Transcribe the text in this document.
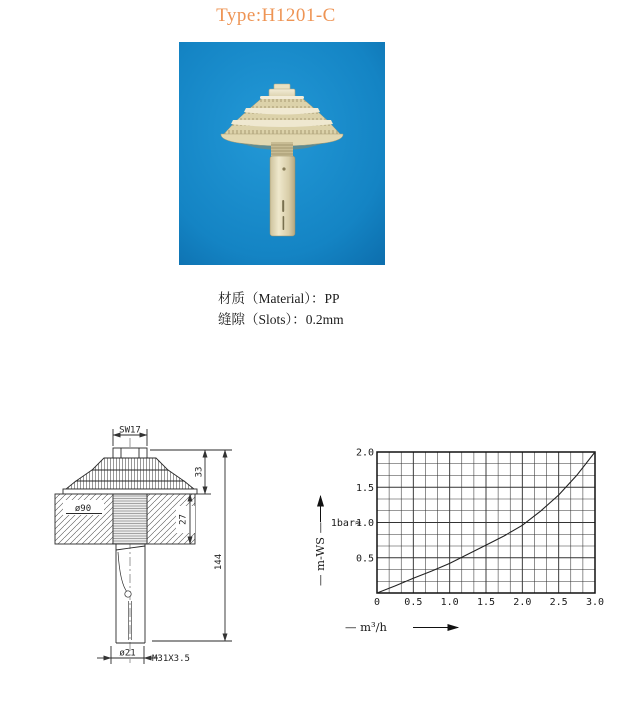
Type:H1201-C
材质（Material）：PP
缝隙（Slots）：0.2mm
SW17
33
ø90
27
144
ø21
M31X3.5
0 0.5 1.0 1.5 2.0 2.5 3.0
0.5
1.0
1.5
2.0
1bar≈
— m³/h
— m-WS —
